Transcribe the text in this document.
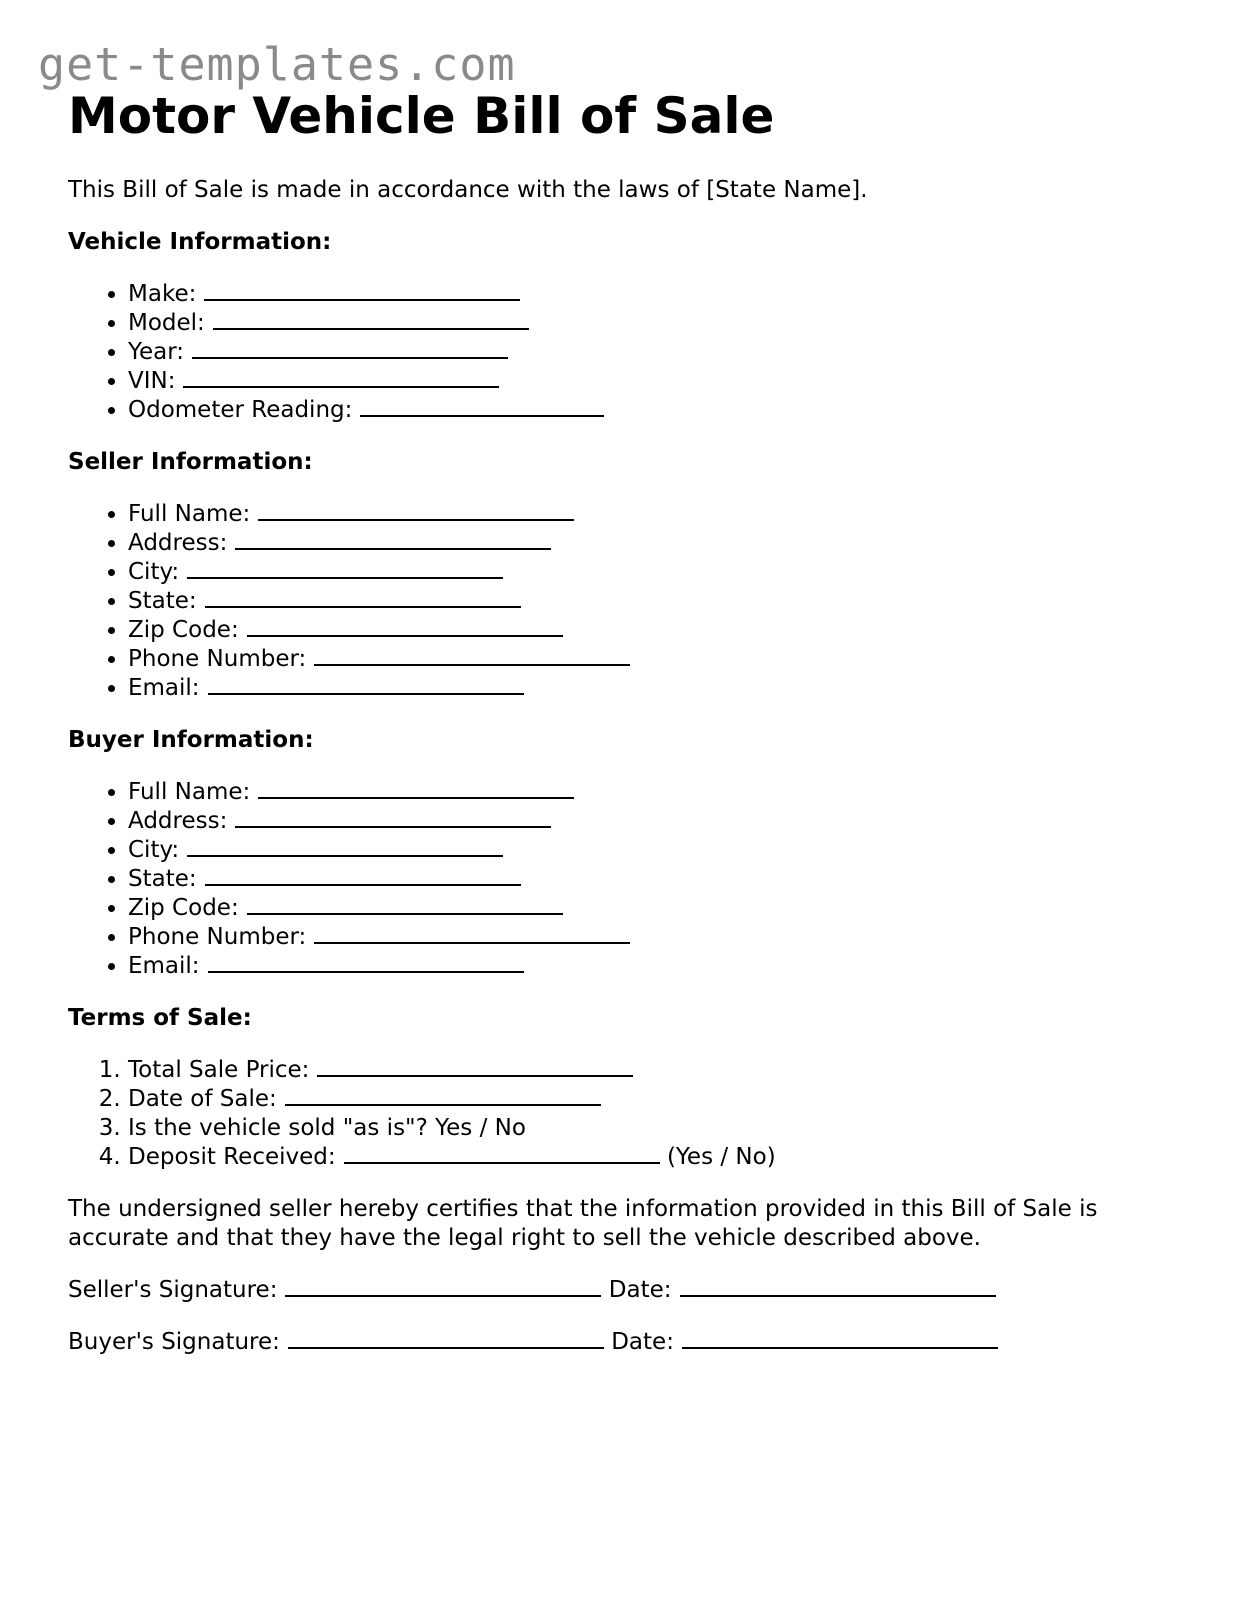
get-templates.com
Motor Vehicle Bill of Sale

This Bill of Sale is made in accordance with the laws of [State Name].

Vehicle Information:
• Make:
• Model:
• Year:
• VIN:
• Odometer Reading:
Seller Information:
• Full Name:
• Address:
• City:
• State:
• Zip Code:
• Phone Number:
• Email:
Buyer Information:
• Full Name:
• Address:
• City:
• State:
• Zip Code:
• Phone Number:
• Email:
Terms of Sale:
1. Total Sale Price:
2. Date of Sale:
3. Is the vehicle sold "as is"? Yes / No
4. Deposit Received:	(Yes / No)

The undersigned seller hereby certifies that the information provided in this Bill of Sale is accurate and that they have the legal right to sell the vehicle described above.

Seller's Signature:	Date:
Buyer's Signature:	Date:
